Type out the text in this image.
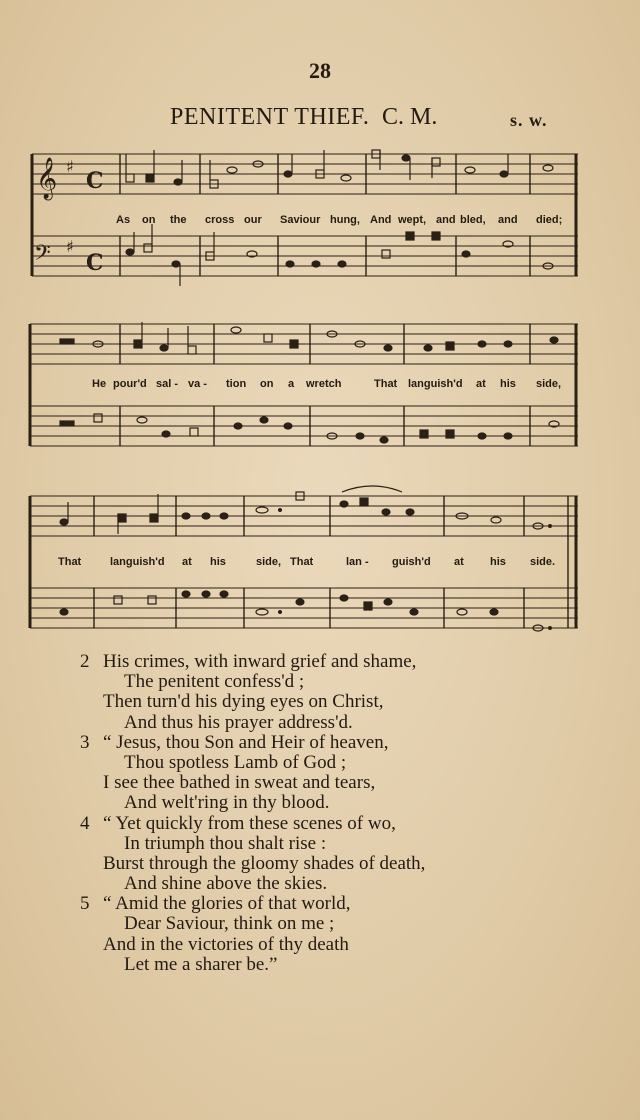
28
PENITENT THIEF. C. M.	s. w.
𝄞 ♯
C
𝄢 ♯
C
As on the cross our Saviour hung, And wept, and bled, and died;
He pour'd sal - va - tion on a wretch	That languish'd at his side,
That	languish'd at his	side, That	lan - guish'd at his side.
2 His crimes, with inward grief and shame,
The penitent confess'd ;
Then turn'd his dying eyes on Christ,
And thus his prayer address'd.
3 “ Jesus, thou Son and Heir of heaven,
Thou spotless Lamb of God ;
I see thee bathed in sweat and tears,
And welt'ring in thy blood.
4 “ Yet quickly from these scenes of wo,
In triumph thou shalt rise :
Burst through the gloomy shades of death,
And shine above the skies.
5 “ Amid the glories of that world,
Dear Saviour, think on me ;
And in the victories of thy death
Let me a sharer be.”
